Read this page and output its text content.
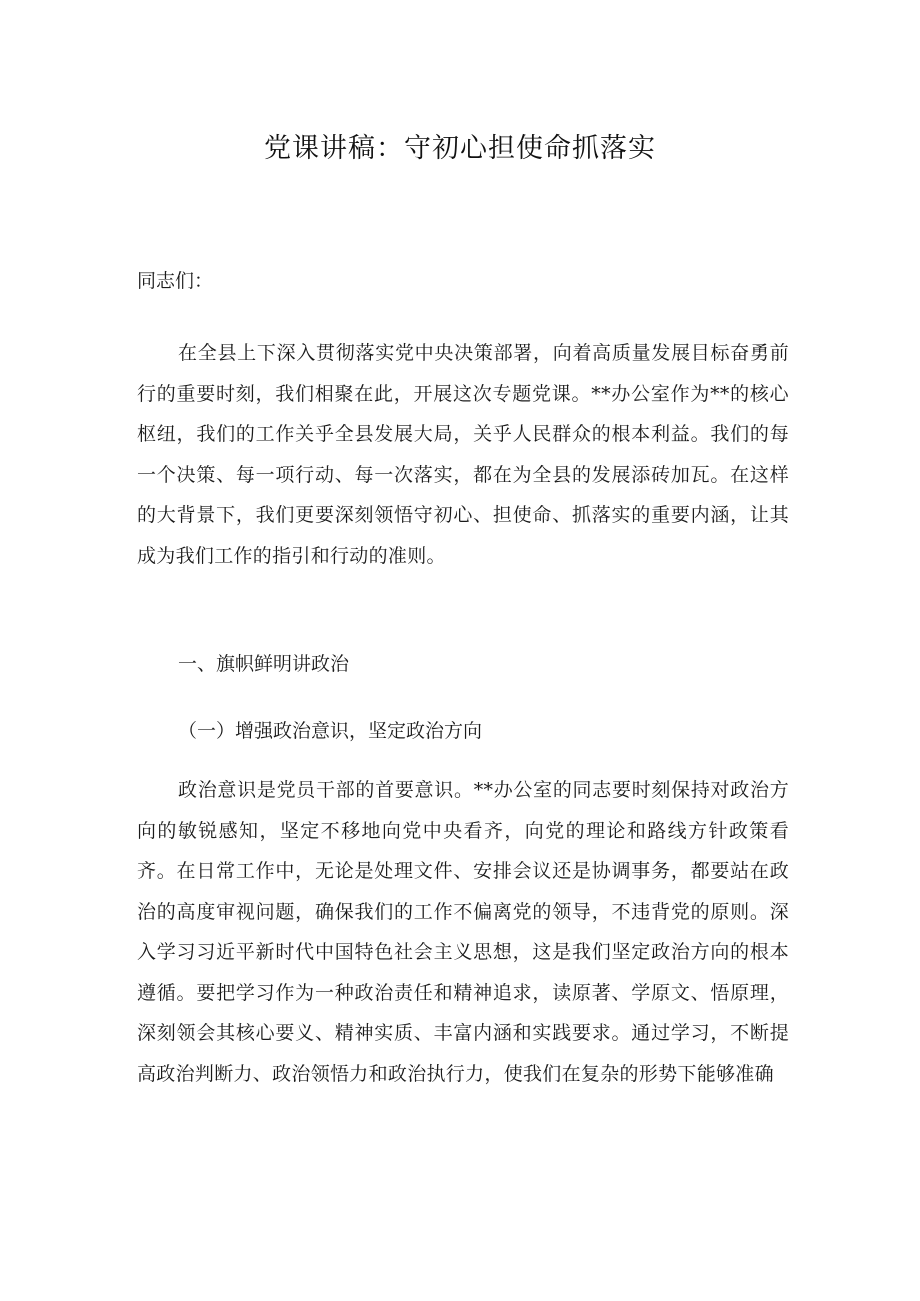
党课讲稿：守初心担使命抓落实

同志们：

在全县上下深入贯彻落实党中央决策部署，向着高质量发展目标奋勇前行的重要时刻，我们相聚在此，开展这次专题党课。**办公室作为**的核心枢纽，我们的工作关乎全县发展大局，关乎人民群众的根本利益。我们的每一个决策、每一项行动、每一次落实，都在为全县的发展添砖加瓦。在这样的大背景下，我们更要深刻领悟守初心、担使命、抓落实的重要内涵，让其成为我们工作的指引和行动的准则。

一、旗帜鲜明讲政治
（一）增强政治意识，坚定政治方向

政治意识是党员干部的首要意识。**办公室的同志要时刻保持对政治方向的敏锐感知，坚定不移地向党中央看齐，向党的理论和路线方针政策看齐。在日常工作中，无论是处理文件、安排会议还是协调事务，都要站在政治的高度审视问题，确保我们的工作不偏离党的领导，不违背党的原则。深入学习习近平新时代中国特色社会主义思想，这是我们坚定政治方向的根本遵循。要把学习作为一种政治责任和精神追求，读原著、学原文、悟原理，深刻领会其核心要义、精神实质、丰富内涵和实践要求。通过学习，不断提高政治判断力、政治领悟力和政治执行力，使我们在复杂的形势下能够准确
